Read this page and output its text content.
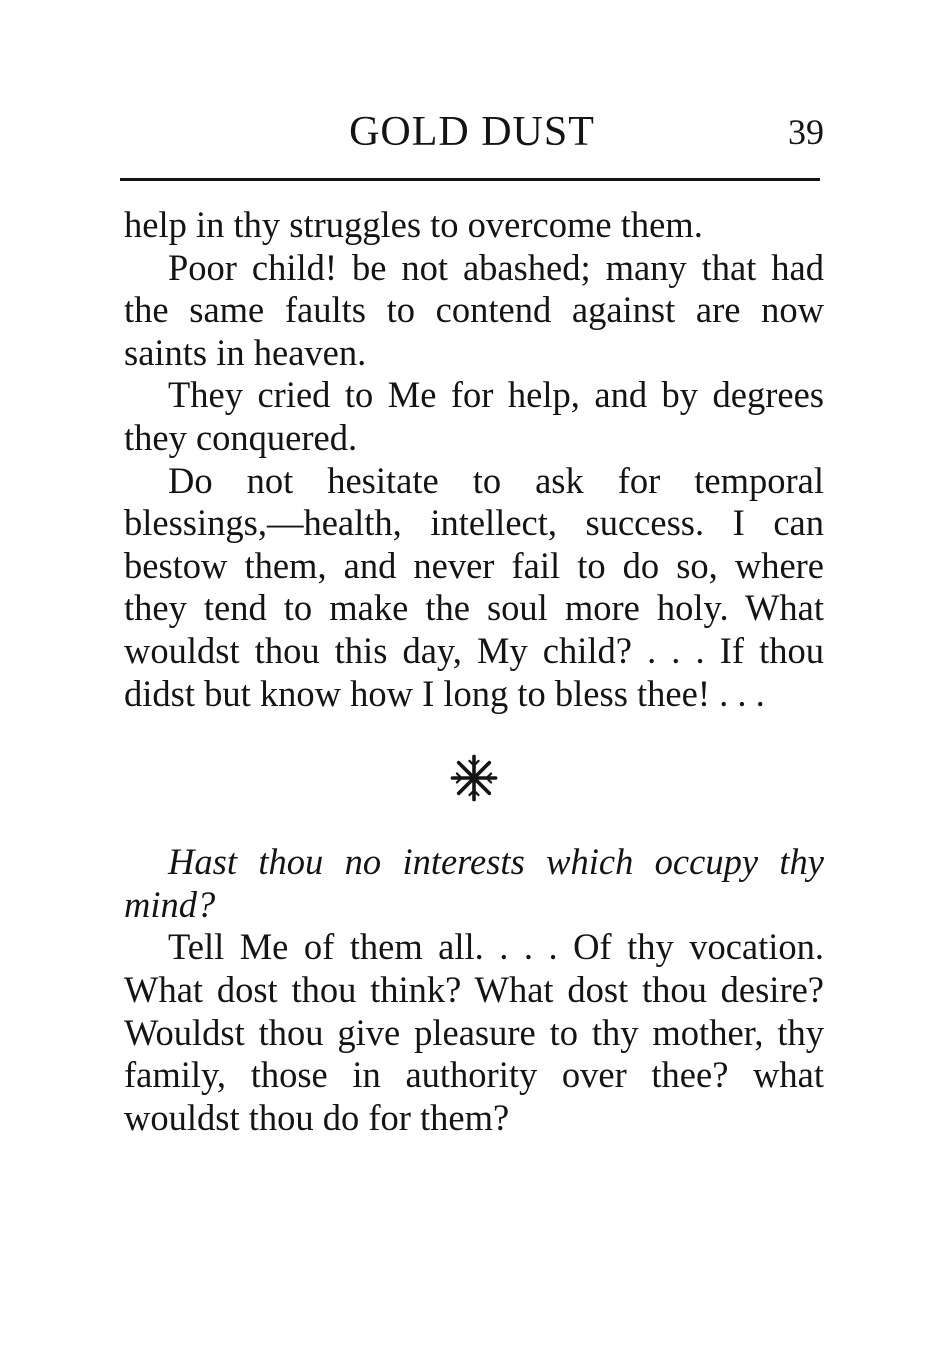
GOLD DUST	39

help in thy struggles to overcome them.

Poor child! be not abashed; many that had the same faults to contend against are now saints in heaven.

They cried to Me for help, and by degrees they conquered.

Do not hesitate to ask for temporal blessings,—health, intellect, success. I can bestow them, and never fail to do so, where they tend to make the soul more holy. What wouldst thou this day, My child? . . . If thou didst but know how I long to bless thee! . . .

Hast thou no interests which occupy thy mind?

Tell Me of them all. . . . Of thy vocation. What dost thou think? What dost thou desire? Wouldst thou give pleasure to thy mother, thy family, those in authority over thee? what wouldst thou do for them?
